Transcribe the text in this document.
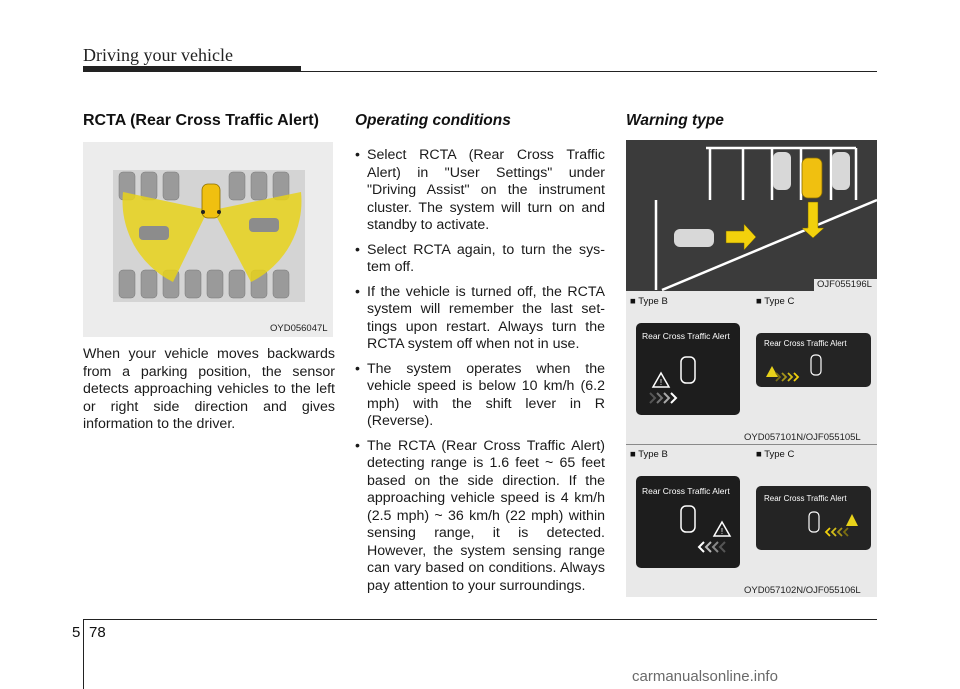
Driving your vehicle
RCTA (Rear Cross Traffic Alert)
OYD056047L
When your vehicle moves backwards from a parking position, the sensor detects approaching vehicles to the left or right side direction and gives information to the driver.
Operating conditions
• Select RCTA (Rear Cross Traffic Alert) in "User Settings" under "Driving Assist" on the instrument cluster. The system will turn on and standby to activate.
• Select RCTA again, to turn the sys-tem off.
• If the vehicle is turned off, the RCTA system will remember the last set-tings upon restart. Always turn the RCTA system off when not in use.
• The system operates when the vehicle speed is below 10 km/h (6.2 mph) with the shift lever in R (Reverse).
• The RCTA (Rear Cross Traffic Alert) detecting range is 1.6 feet ~ 65 feet based on the side direction. If the approaching vehicle speed is 4 km/h (2.5 mph) ~ 36 km/h (22 mph) within sensing range, it is detected. However, the system sensing range can vary based on conditions. Always pay attention to your surroundings.
Warning type
OJF055196L
■ Type B	■ Type C
Rear Cross Traffic Alert
!
Rear Cross Traffic Alert
OYD057101N/OJF055105L
■ Type B	■ Type C
Rear Cross Traffic Alert
!
Rear Cross Traffic Alert
OYD057102N/OJF055106L
5 78
carmanualsonline.info
